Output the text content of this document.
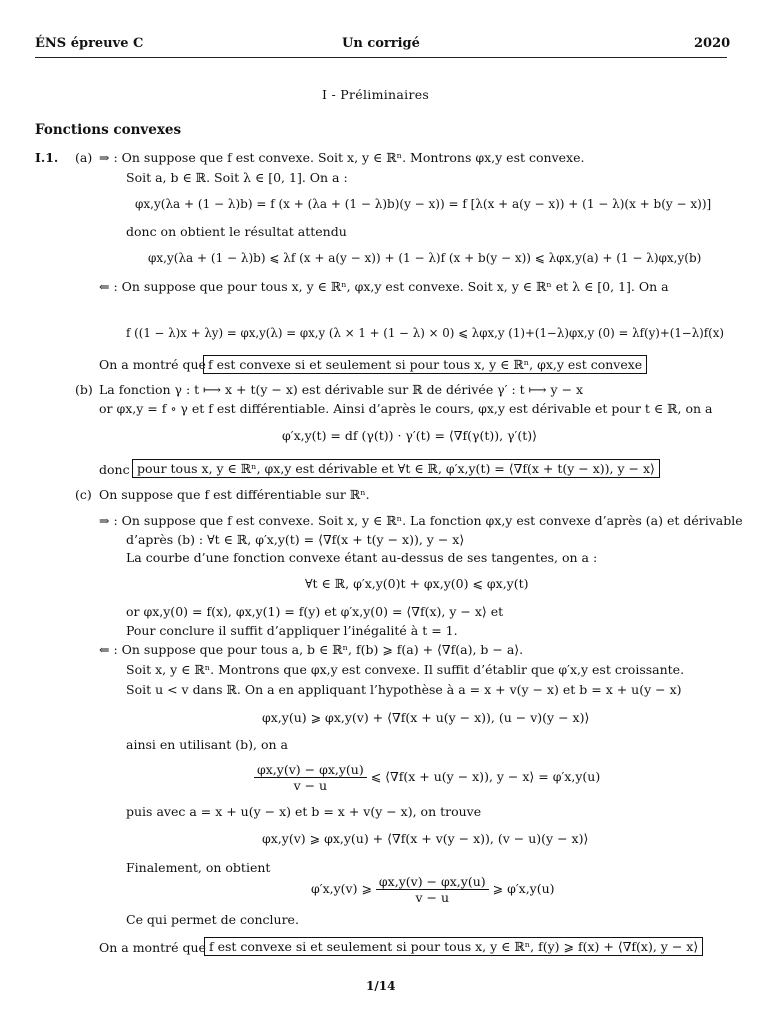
ÉNS épreuve C	Un corrigé	2020
I - Préliminaires
Fonctions convexes
I.1. (a) ⇒ : On suppose que f est convexe. Soit x, y ∈ ℝⁿ. Montrons φx,y est convexe.
Soit a, b ∈ ℝ. Soit λ ∈ [0, 1]. On a :
φx,y(λa + (1 − λ)b) = f (x + (λa + (1 − λ)b)(y − x)) = f [λ(x + a(y − x)) + (1 − λ)(x + b(y − x))]
donc on obtient le résultat attendu
φx,y(λa + (1 − λ)b) ⩽ λf (x + a(y − x)) + (1 − λ)f (x + b(y − x)) ⩽ λφx,y(a) + (1 − λ)φx,y(b)
⇐ : On suppose que pour tous x, y ∈ ℝⁿ, φx,y est convexe. Soit x, y ∈ ℝⁿ et λ ∈ [0, 1]. On a
f ((1 − λ)x + λy) = φx,y(λ) = φx,y (λ × 1 + (1 − λ) × 0) ⩽ λφx,y (1)+(1−λ)φx,y (0) = λf(y)+(1−λ)f(x)
On a montré que f est convexe si et seulement si pour tous x, y ∈ ℝⁿ, φx,y est convexe
(b) La fonction γ : t ⟼ x + t(y − x) est dérivable sur ℝ de dérivée γ′ : t ⟼ y − x
or φx,y = f ∘ γ et f est différentiable. Ainsi d’après le cours, φx,y est dérivable et pour t ∈ ℝ, on a
φ′x,y(t) = df (γ(t)) · γ′(t) = ⟨∇f(γ(t)), γ′(t)⟩
donc pour tous x, y ∈ ℝⁿ, φx,y est dérivable et ∀t ∈ ℝ, φ′x,y(t) = ⟨∇f(x + t(y − x)), y − x⟩
(c) On suppose que f est différentiable sur ℝⁿ.
⇒ : On suppose que f est convexe. Soit x, y ∈ ℝⁿ. La fonction φx,y est convexe d’après (a) et dérivable
d’après (b) : ∀t ∈ ℝ, φ′x,y(t) = ⟨∇f(x + t(y − x)), y − x⟩
La courbe d’une fonction convexe étant au-dessus de ses tangentes, on a :
∀t ∈ ℝ, φ′x,y(0)t + φx,y(0) ⩽ φx,y(t)
or φx,y(0) = f(x), φx,y(1) = f(y) et φ′x,y(0) = ⟨∇f(x), y − x⟩ et
Pour conclure il suffit d’appliquer l’inégalité à t = 1.
⇐ : On suppose que pour tous a, b ∈ ℝⁿ, f(b) ⩾ f(a) + ⟨∇f(a), b − a⟩.
Soit x, y ∈ ℝⁿ. Montrons que φx,y est convexe. Il suffit d’établir que φ′x,y est croissante.
Soit u < v dans ℝ. On a en appliquant l’hypothèse à a = x + v(y − x) et b = x + u(y − x)
φx,y(u) ⩾ φx,y(v) + ⟨∇f(x + u(y − x)), (u − v)(y − x)⟩
ainsi en utilisant (b), on a
$\frac{\varphi x,y(v) - \varphi x,y(u)}{v - u}$ ⩽ ⟨∇f(x + u(y − x)), y − x⟩ = φ′x,y(u)
puis avec a = x + u(y − x) et b = x + v(y − x), on trouve
φx,y(v) ⩾ φx,y(u) + ⟨∇f(x + v(y − x)), (v − u)(y − x)⟩
Finalement, on obtient
φ′x,y(v) ⩾ $\frac{\varphi x,y(v) - \varphi x,y(u)}{v - u}$ ⩾ φ′x,y(u)
Ce qui permet de conclure.
On a montré que f est convexe si et seulement si pour tous x, y ∈ ℝⁿ, f(y) ⩾ f(x) + ⟨∇f(x), y − x⟩
1/14
